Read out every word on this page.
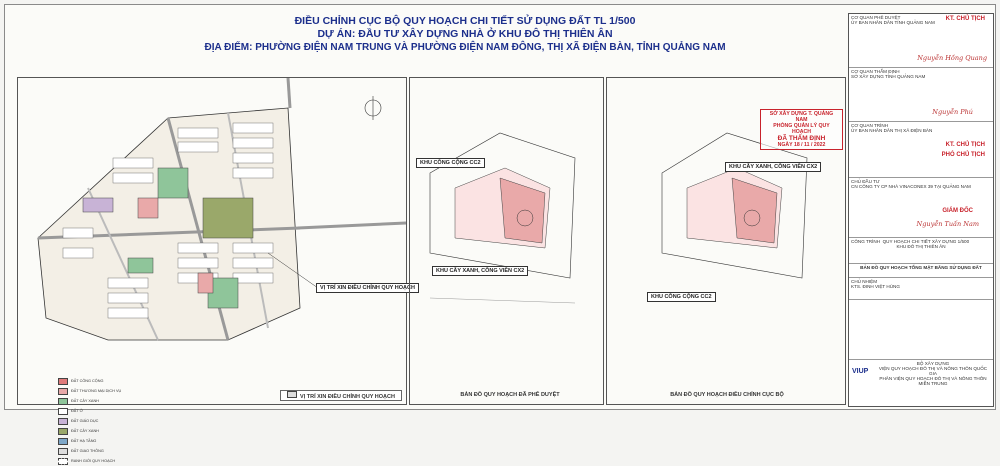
ĐIỀU CHỈNH CỤC BỘ QUY HOẠCH CHI TIẾT SỬ DỤNG ĐẤT TL 1/500
DỰ ÁN: ĐẦU TƯ XÂY DỰNG NHÀ Ở KHU ĐÔ THỊ THIÊN ÂN
ĐỊA ĐIỂM: PHƯỜNG ĐIỆN NAM TRUNG VÀ PHƯỜNG ĐIỆN NAM ĐÔNG, THỊ XÃ ĐIỆN BÀN, TỈNH QUẢNG NAM
VỊ TRÍ XIN ĐIỀU CHỈNH QUY HOẠCH
ĐẤT CÔNG CỘNG
ĐẤT THƯƠNG MẠI DỊCH VỤ
ĐẤT CÂY XANH
ĐẤT Ở
ĐẤT GIÁO DỤC
ĐẤT CÂY XANH
ĐẤT HẠ TẦNG
ĐẤT GIAO THÔNG
RANH GIỚI QUY HOẠCH
VỊ TRÍ XIN ĐIỀU CHỈNH QUY HOẠCH
KHU CÔNG CỘNG CC2
KHU CÂY XANH, CÔNG VIÊN CX2
BẢN ĐỒ QUY HOẠCH ĐÃ PHÊ DUYỆT
KHU CÂY XANH, CÔNG VIÊN CX2
KHU CÔNG CỘNG CC2
BẢN ĐỒ QUY HOẠCH ĐIỀU CHỈNH CỤC BỘ
SỞ XÂY DỰNG T. QUẢNG NAM
PHÒNG QUẢN LÝ QUY HOẠCH
ĐÃ THẨM ĐỊNH
NGÀY 18 / 11 / 2022
CƠ QUAN PHÊ DUYỆT
ỦY BAN NHÂN DÂN TỈNH QUẢNG NAM
KT. CHỦ TỊCH
Nguyễn Hồng Quang
CƠ QUAN THẨM ĐỊNH
SỞ XÂY DỰNG TỈNH QUẢNG NAM
Nguyễn Phú
CƠ QUAN TRÌNH
ỦY BAN NHÂN DÂN THỊ XÃ ĐIỆN BÀN
KT. CHỦ TỊCH
PHÓ CHỦ TỊCH
CHỦ ĐẦU TƯ
CN CÔNG TY CP NHÀ VINACONEX 39 TẠI QUẢNG NAM
GIÁM ĐỐC
Nguyễn Tuấn Nam
CÔNG TRÌNH QUY HOẠCH CHI TIẾT XÂY DỰNG 1/500
KHU ĐÔ THỊ THIÊN ÂN
BẢN ĐỒ QUY HOẠCH TỔNG MẶT BẰNG SỬ DỤNG ĐẤT
CHỦ NHIỆM
KTS. ĐINH VIỆT HÙNG
VIUP
BỘ XÂY DỰNG
VIỆN QUY HOẠCH ĐÔ THỊ VÀ NÔNG THÔN QUỐC GIA
PHÂN VIỆN QUY HOẠCH ĐÔ THỊ VÀ NÔNG THÔN MIỀN TRUNG
